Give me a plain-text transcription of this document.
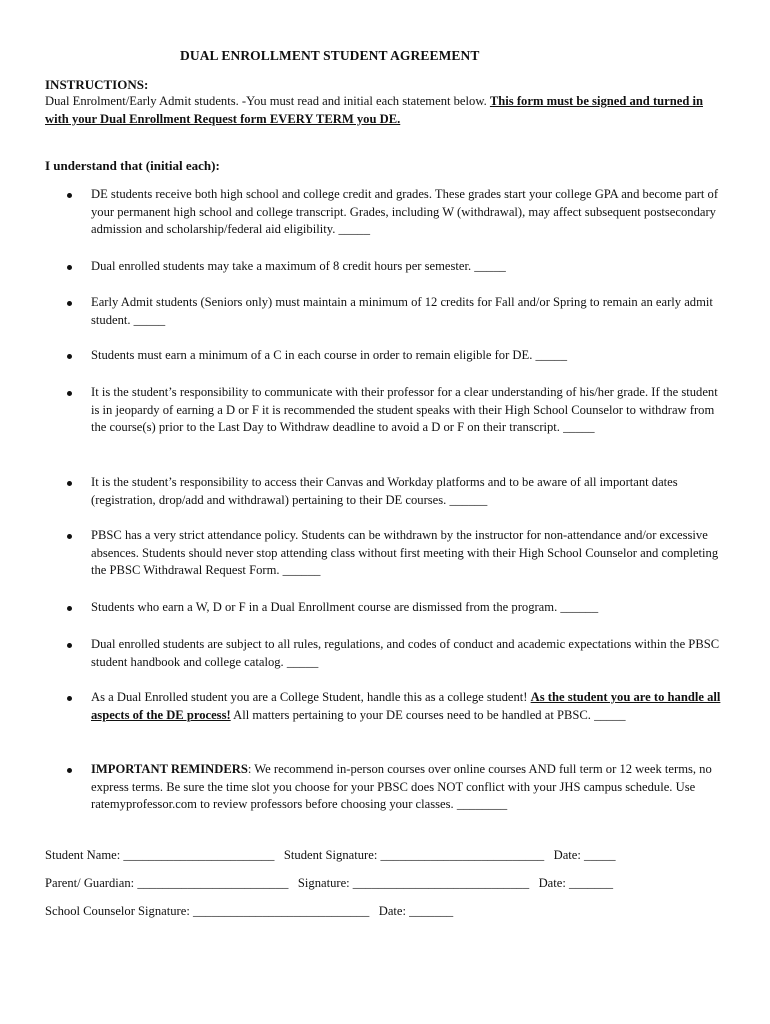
DUAL ENROLLMENT STUDENT AGREEMENT
INSTRUCTIONS:
Dual Enrolment/Early Admit students. -You must read and initial each statement below. This form must be signed and turned in with your Dual Enrollment Request form EVERY TERM you DE.
I understand that (initial each):
DE students receive both high school and college credit and grades. These grades start your college GPA and become part of your permanent high school and college transcript. Grades, including W (withdrawal), may affect subsequent postsecondary admission and scholarship/federal aid eligibility. _____
Dual enrolled students may take a maximum of 8 credit hours per semester. _____
Early Admit students (Seniors only) must maintain a minimum of 12 credits for Fall and/or Spring to remain an early admit student. _____
Students must earn a minimum of a C in each course in order to remain eligible for DE. _____
It is the student’s responsibility to communicate with their professor for a clear understanding of his/her grade. If the student is in jeopardy of earning a D or F it is recommended the student speaks with their High School Counselor to withdraw from the course(s) prior to the Last Day to Withdraw deadline to avoid a D or F on their transcript. _____
It is the student’s responsibility to access their Canvas and Workday platforms and to be aware of all important dates (registration, drop/add and withdrawal) pertaining to their DE courses. ______
PBSC has a very strict attendance policy. Students can be withdrawn by the instructor for non-attendance and/or excessive absences. Students should never stop attending class without first meeting with their High School Counselor and completing the PBSC Withdrawal Request Form. ______
Students who earn a W, D or F in a Dual Enrollment course are dismissed from the program. ______
Dual enrolled students are subject to all rules, regulations, and codes of conduct and academic expectations within the PBSC student handbook and college catalog. _____
As a Dual Enrolled student you are a College Student, handle this as a college student! As the student you are to handle all aspects of the DE process! All matters pertaining to your DE courses need to be handled at PBSC. _____
IMPORTANT REMINDERS: We recommend in-person courses over online courses AND full term or 12 week terms, no express terms. Be sure the time slot you choose for your PBSC does NOT conflict with your JHS campus schedule. Use ratemyprofessor.com to review professors before choosing your classes. ________
Student Name: ________________________   Student Signature: __________________________   Date: _____
Parent/ Guardian: ________________________   Signature: ____________________________   Date: _______
School Counselor Signature: ____________________________   Date: _______
